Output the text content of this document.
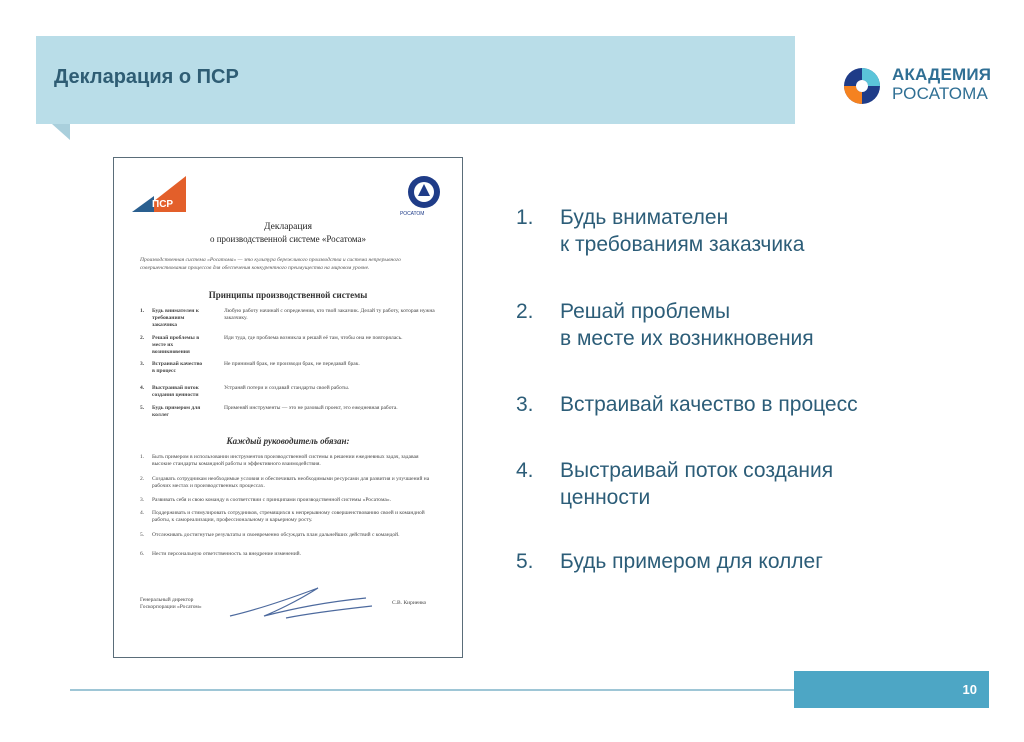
Декларация о ПСР	АКАДЕМИЯ
РОСАТОМА
ПСР
РОСАТОМ
Декларация
о производственной системе «Росатома»
Производственная система «Росатома» — это культура бережливого производства и система непрерывного совершенствования процессов для обеспечения конкурентного преимущества на мировом уровне.
Принципы производственной системы
1. Будь внимателен к требованиям заказчика
Любую работу начинай с определения, кто твой заказчик. Делай ту работу, которая нужна заказчику.
2. Решай проблемы в месте их возникновения
Иди туда, где проблема возникла и решай её там, чтобы она не повторялась.
3. Встраивай качество в процесс
Не принимай брак, не производи брак, не передавай брак.
4. Выстраивай поток создания ценности
Устраняй потери и создавай стандарты своей работы.
5. Будь примером для коллег
Применяй инструменты — это не разовый проект, это ежедневная работа.
Каждый руководитель обязан:
1. Быть примером в использовании инструментов производственной системы в решении ежедневных задач, задавая высокие стандарты командной работы и эффективного взаимодействия.
2. Создавать сотрудникам необходимые условия и обеспечивать необходимыми ресурсами для развития и улучшений на рабочих местах и производственных процессах.
3. Развивать себя и свою команду в соответствии с принципами производственной системы «Росатома».
4. Поддерживать и стимулировать сотрудников, стремящихся к непрерывному совершенствованию своей и командной работы, к самореализации, профессиональному и карьерному росту.
5. Отслеживать достигнутые результаты и своевременно обсуждать план дальнейших действий с командой.
6. Нести персональную ответственность за внедрение изменений.
Генеральный директор Госкорпорации «Росатом»
С.В. Кириенко
1. Будь внимателен
к требованиям заказчика
2. Решай проблемы
в месте их возникновения
3. Встраивай качество в процесс
4. Выстраивай поток создания
ценности
5. Будь примером для коллег
10
